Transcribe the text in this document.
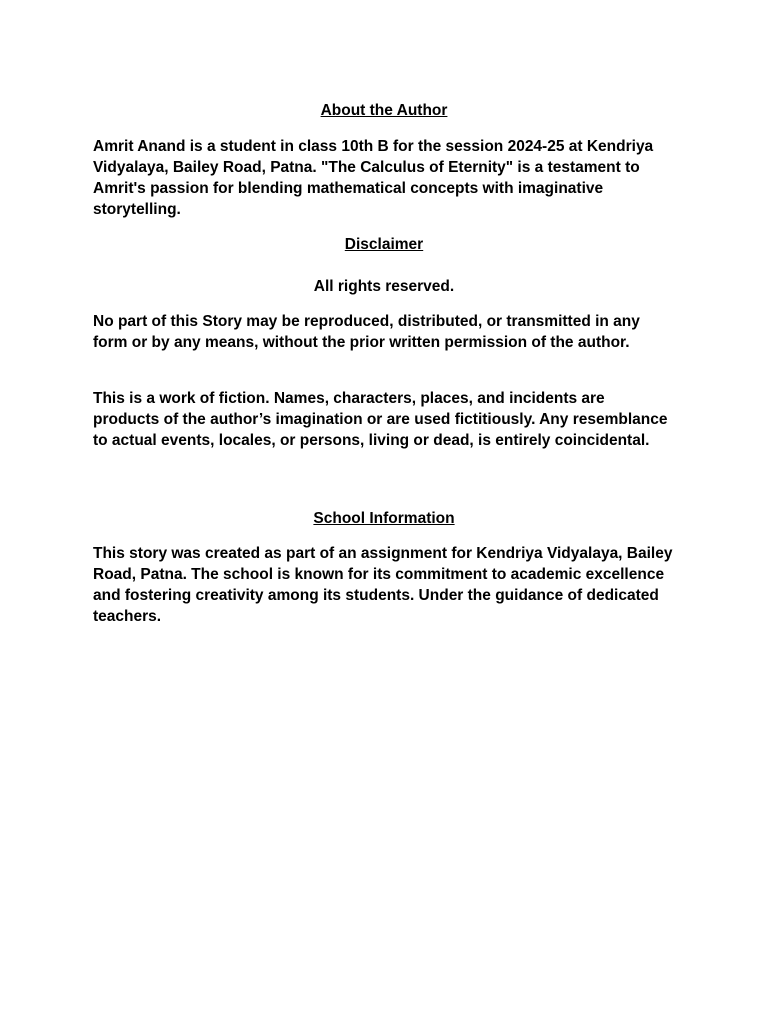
About the Author

Amrit Anand is a student in class 10th B for the session 2024-25 at Kendriya Vidyalaya, Bailey Road, Patna. "The Calculus of Eternity" is a testament to Amrit's passion for blending mathematical concepts with imaginative storytelling.

Disclaimer

All rights reserved.

No part of this Story may be reproduced, distributed, or transmitted in any form or by any means, without the prior written permission of the author.

This is a work of fiction. Names, characters, places, and incidents are products of the author’s imagination or are used fictitiously. Any resemblance to actual events, locales, or persons, living or dead, is entirely coincidental.

School Information

This story was created as part of an assignment for Kendriya Vidyalaya, Bailey Road, Patna. The school is known for its commitment to academic excellence and fostering creativity among its students. Under the guidance of dedicated teachers.
